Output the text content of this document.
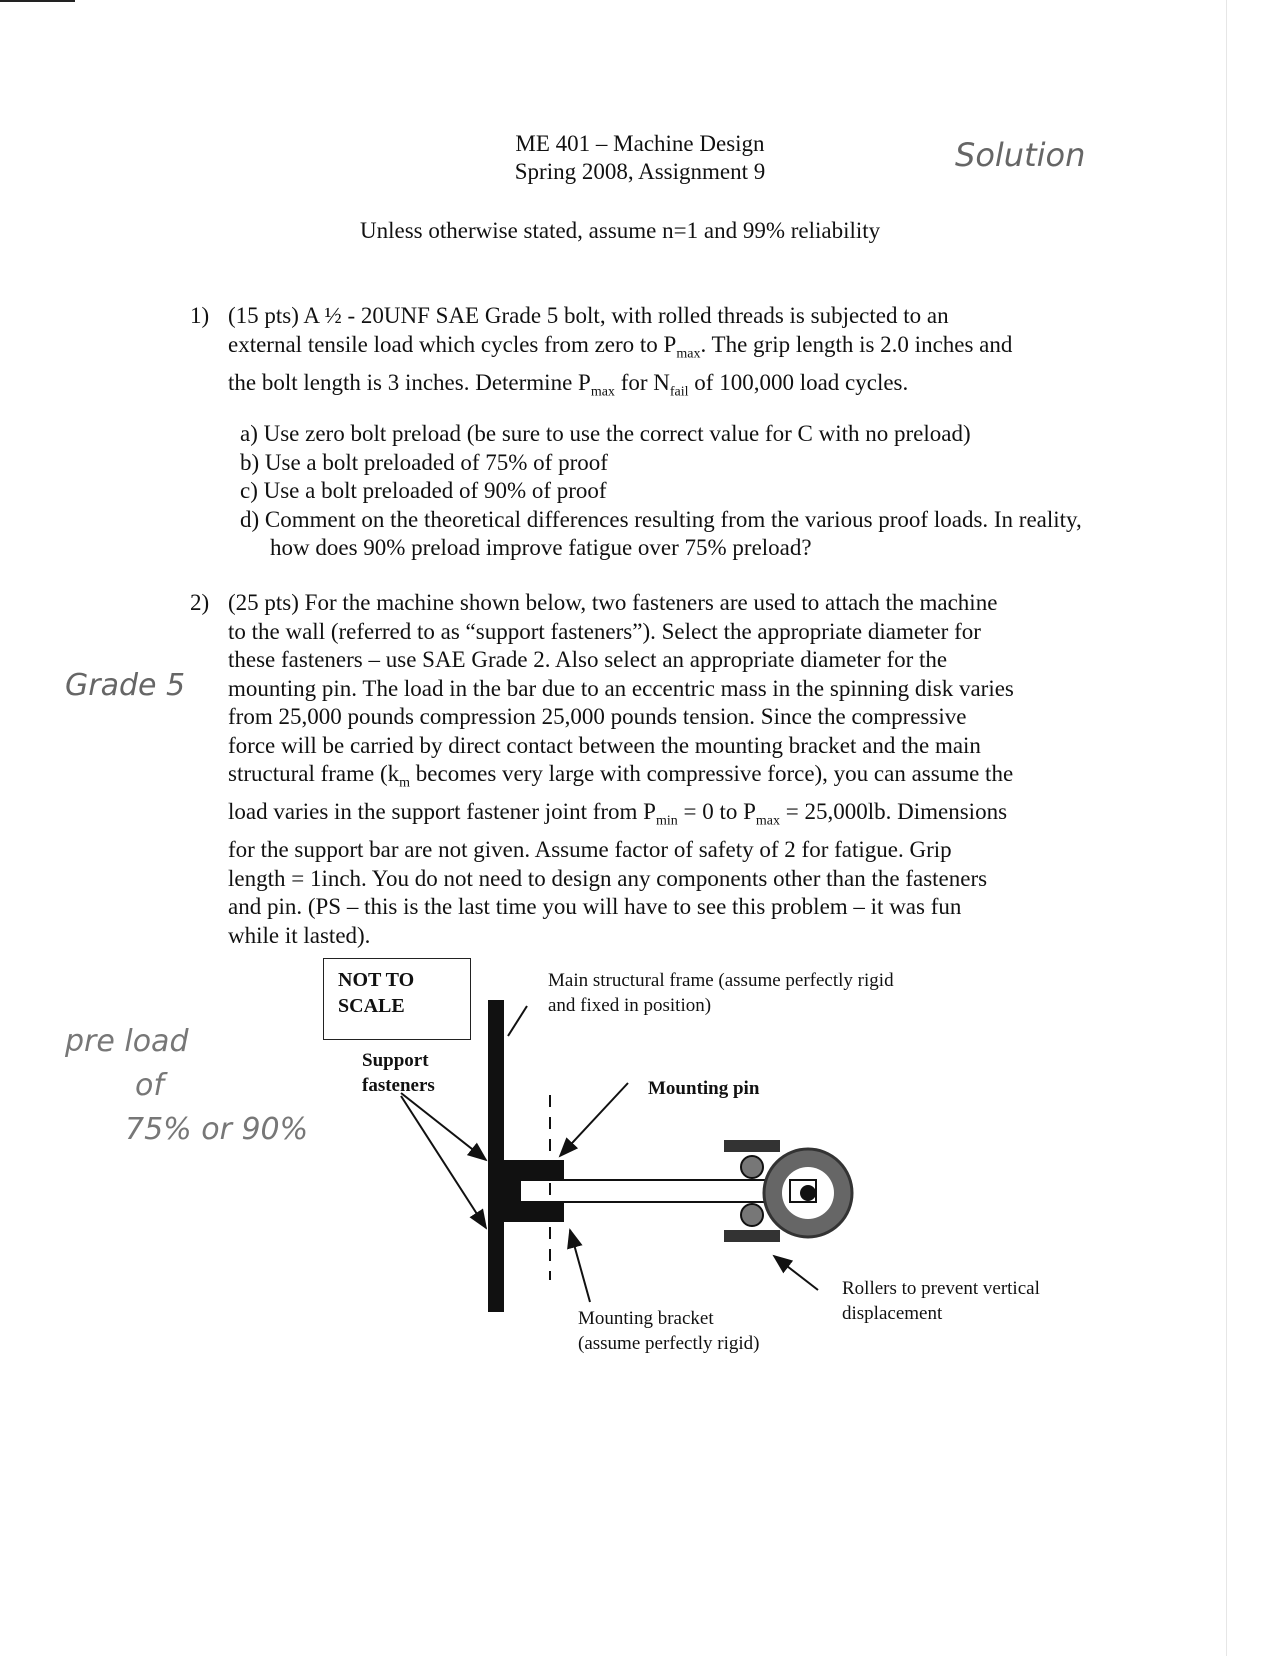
ME 401 – Machine Design
Spring 2008, Assignment 9	Solution
Unless otherwise stated, assume n=1 and 99% reliability
1) (15 pts) A ½ - 20UNF SAE Grade 5 bolt, with rolled threads is subjected to an

external tensile load which cycles from zero to $P_{max}$. The grip length is 2.0 inches and

the bolt length is 3 inches. Determine $P_{max}$ for $N_{fail}$ of 100,000 load cycles.

a) Use zero bolt preload (be sure to use the correct value for C with no preload)
b) Use a bolt preloaded of 75% of proof
c) Use a bolt preloaded of 90% of proof
d) Comment on the theoretical differences resulting from the various proof loads. In reality, how does 90% preload improve fatigue over 75% preload?
2) (25 pts) For the machine shown below, two fasteners are used to attach the machine

to the wall (referred to as “support fasteners”). Select the appropriate diameter for

these fasteners – use SAE Grade 2. Also select an appropriate diameter for the

mounting pin. The load in the bar due to an eccentric mass in the spinning disk varies

from 25,000 pounds compression 25,000 pounds tension. Since the compressive

force will be carried by direct contact between the mounting bracket and the main

structural frame ($k_m$ becomes very large with compressive force), you can assume the

load varies in the support fastener joint from $P_{min} = 0$ to $P_{max} = 25,000lb$. Dimensions

for the support bar are not given. Assume factor of safety of 2 for fatigue. Grip

length = 1inch. You do not need to design any components other than the fasteners

and pin. (PS – this is the last time you will have to see this problem – it was fun

while it lasted).

Grade 5
pre load
of
75% or 90%
NOT TO
SCALE
Main structural frame (assume perfectly rigid
and fixed in position)
Support
fasteners	Mounting pin
Mounting bracket
(assume perfectly rigid)
Rollers to prevent vertical
displacement
